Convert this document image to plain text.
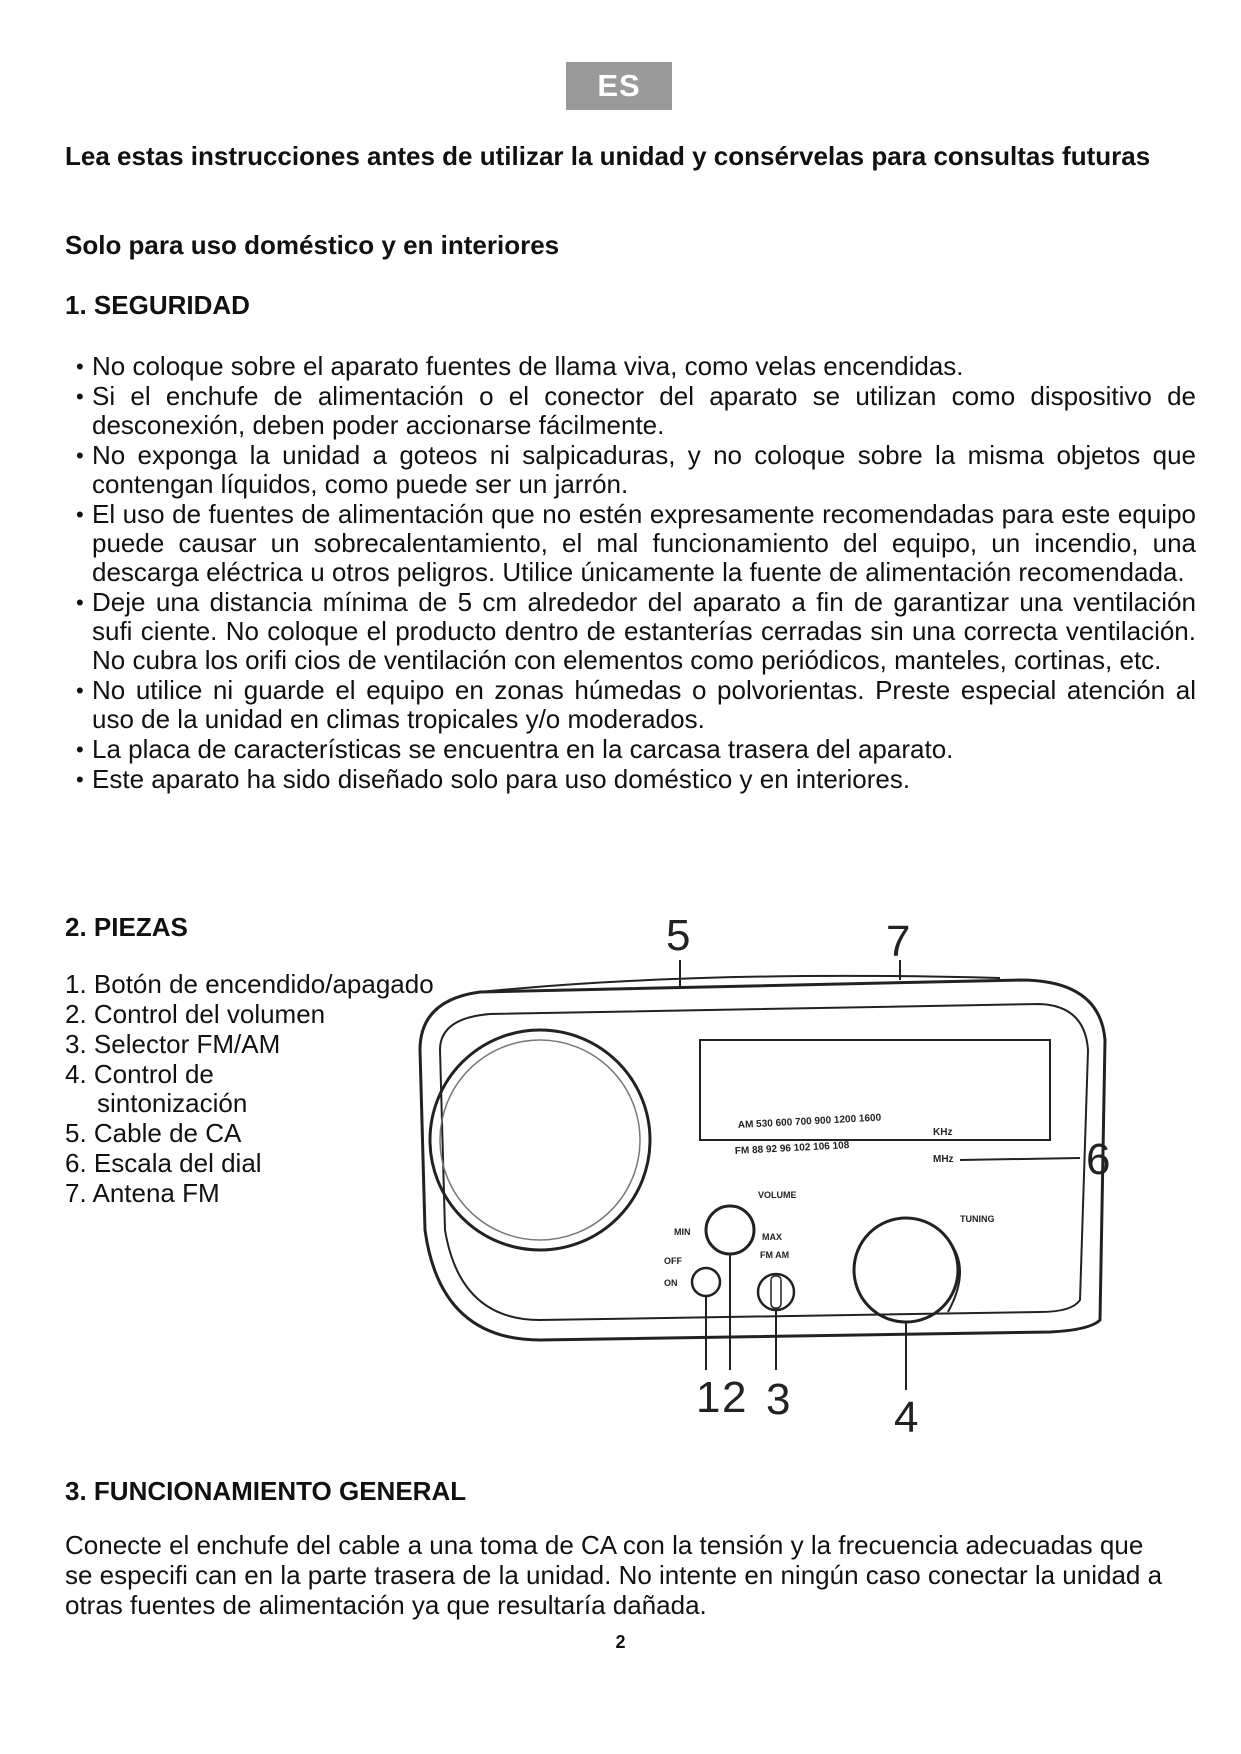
ES
Lea estas instrucciones antes de utilizar la unidad y consérvelas para consultas futuras
Solo para uso doméstico y en interiores
1. SEGURIDAD
• No coloque sobre el aparato fuentes de llama viva, como velas encendidas.
• Si el enchufe de alimentación o el conector del aparato se utilizan como dispositivo de desconexión, deben poder accionarse fácilmente.
• No exponga la unidad a goteos ni salpicaduras, y no coloque sobre la misma objetos que contengan líquidos, como puede ser un jarrón.
• El uso de fuentes de alimentación que no estén expresamente recomendadas para este equipo puede causar un sobrecalentamiento, el mal funcionamiento del equipo, un incendio, una descarga eléctrica u otros peligros. Utilice únicamente la fuente de alimentación recomendada.
• Deje una distancia mínima de 5 cm alrededor del aparato a fin de garantizar una ventilación sufi ciente. No coloque el producto dentro de estanterías cerradas sin una correcta ventilación. No cubra los orifi cios de ventilación con elementos como periódicos, manteles, cortinas, etc.
• No utilice ni guarde el equipo en zonas húmedas o polvorientas. Preste especial atención al uso de la unidad en climas tropicales y/o moderados.
• La placa de características se encuentra en la carcasa trasera del aparato.
• Este aparato ha sido diseñado solo para uso doméstico y en interiores.
2. PIEZAS
1. Botón de encendido/apagado
2. Control del volumen
3. Selector FM/AM
4. Control de
sintonización
5. Cable de CA
6. Escala del dial
7. Antena FM
AM 530 600 700 900 1200 1600
KHz
FM 88 92 96 102 106 108
MHz
VOLUME
MIN	MAX
OFF
ON
FM AM
TUNING
5	7
6
1 2 3 4
3. FUNCIONAMIENTO GENERAL
Conecte el enchufe del cable a una toma de CA con la tensión y la frecuencia adecuadas que se especifi can en la parte trasera de la unidad. No intente en ningún caso conectar la unidad a otras fuentes de alimentación ya que resultaría dañada.
2
